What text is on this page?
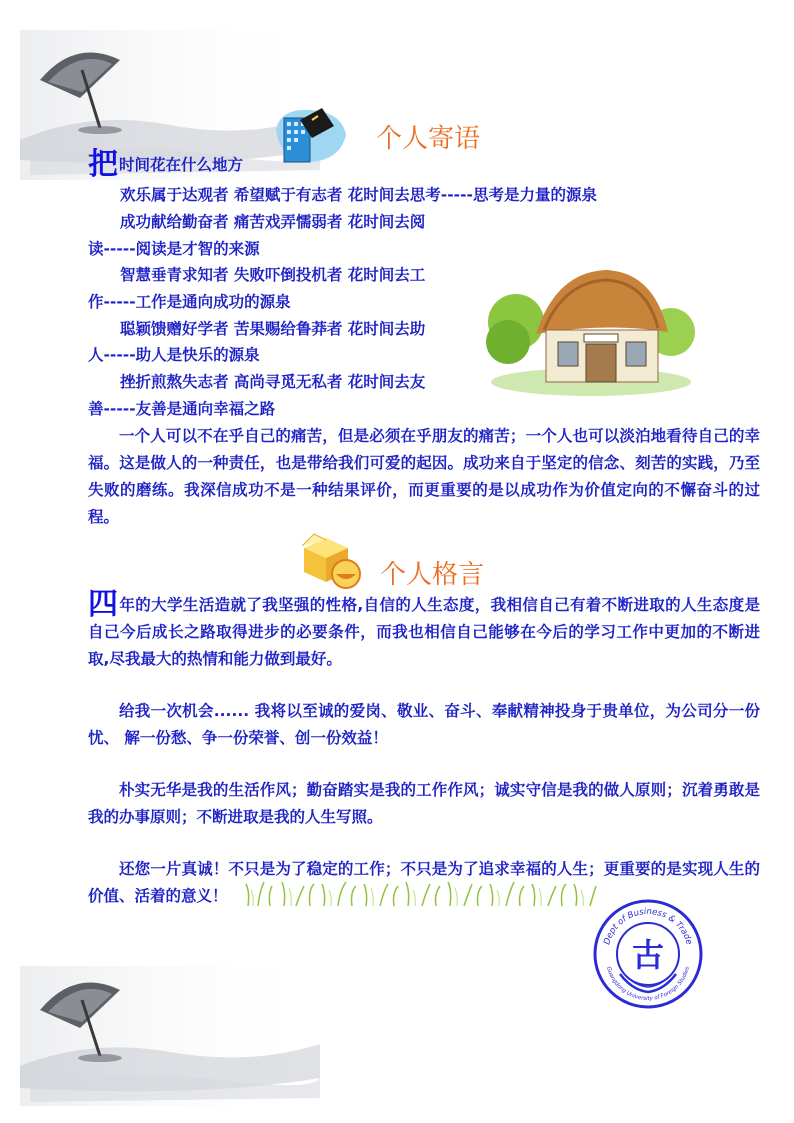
个人寄语
把时间花在什么地方
欢乐属于达观者 希望赋于有志者 花时间去思考-----思考是力量的源泉
成功献给勤奋者 痛苦戏弄懦弱者 花时间去阅
读-----阅读是才智的来源
智慧垂青求知者 失败吓倒投机者 花时间去工
作-----工作是通向成功的源泉
聪颖馈赠好学者 苦果赐给鲁莽者 花时间去助
人-----助人是快乐的源泉
挫折煎熬失志者 高尚寻觅无私者 花时间去友
善-----友善是通向幸福之路
一个人可以不在乎自己的痛苦，但是必须在乎朋友的痛苦；一个人也可以淡泊地看待自己的幸福。这是做人的一种责任，也是带给我们可爱的起因。成功来自于坚定的信念、刻苦的实践，乃至失败的磨练。我深信成功不是一种结果评价，而更重要的是以成功作为价值定向的不懈奋斗的过程。
个人格言
四年的大学生活造就了我坚强的性格,自信的人生态度，我相信自己有着不断进取的人生态度是自己今后成长之路取得进步的必要条件，而我也相信自己能够在今后的学习工作中更加的不断进取,尽我最大的热情和能力做到最好。
给我一次机会...... 我将以至诚的爱岗、敬业、奋斗、奉献精神投身于贵单位，为公司分一份忧、 解一份愁、争一份荣誉、创一份效益！
朴实无华是我的生活作风；勤奋踏实是我的工作作风；诚实守信是我的做人原则；沉着勇敢是我的办事原则；不断进取是我的人生写照。
还您一片真诚！不只是为了稳定的工作；不只是为了追求幸福的人生；更重要的是实现人生的价值、活着的意义！
Dept of Business & Trade
Guangdong University of Foreign Studies
古
